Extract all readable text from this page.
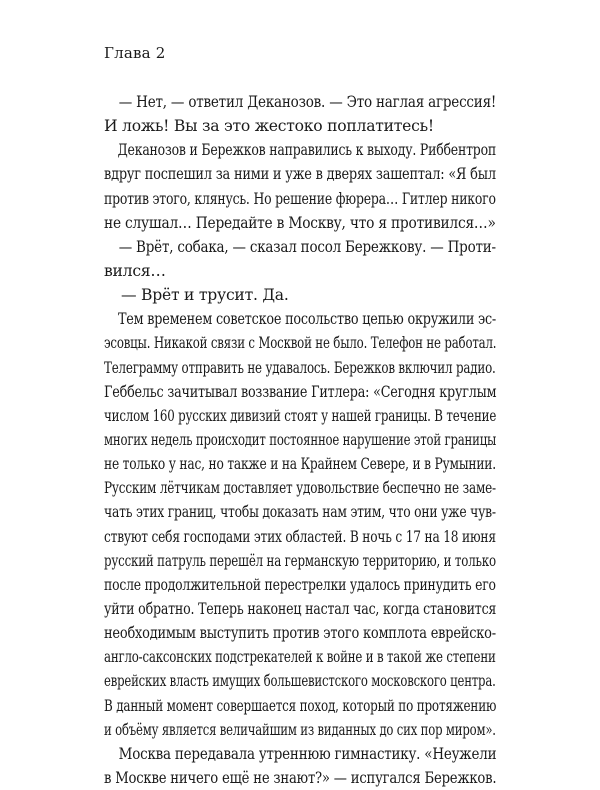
Глава 2
— Нет, — ответил Деканозов. — Это наглая агрессия!
И ложь! Вы за это жестоко поплатитесь!
Деканозов и Бережков направились к выходу. Риббентроп
вдруг поспешил за ними и уже в дверях зашептал: «Я был
против этого, клянусь. Но решение фюрера… Гитлер никого
не слушал… Передайте в Москву, что я противился…»
— Врёт, собака, — сказал посол Бережкову. — Проти-
вился…
— Врёт и трусит. Да.
Тем временем советское посольство цепью окружили эс-
эсовцы. Никакой связи с Москвой не было. Телефон не работал.
Телеграмму отправить не удавалось. Бережков включил радио.
Геббельс зачитывал воззвание Гитлера: «Сегодня круглым
числом 160 русских дивизий стоят у нашей границы. В течение
многих недель происходит постоянное нарушение этой границы
не только у нас, но также и на Крайнем Севере, и в Румынии.
Русским лётчикам доставляет удовольствие беспечно не заме-
чать этих границ, чтобы доказать нам этим, что они уже чув-
ствуют себя господами этих областей. В ночь с 17 на 18 июня
русский патруль перешёл на германскую территорию, и только
после продолжительной перестрелки удалось принудить его
уйти обратно. Теперь наконец настал час, когда становится
необходимым выступить против этого комплота еврейско-
англо-саксонских подстрекателей к войне и в такой же степени
еврейских власть имущих большевистского московского центра.
В данный момент совершается поход, который по протяжению
и объёму является величайшим из виданных до сих пор миром».
Москва передавала утреннюю гимнастику. «Неужели
в Москве ничего ещё не знают?» — испугался Бережков.
